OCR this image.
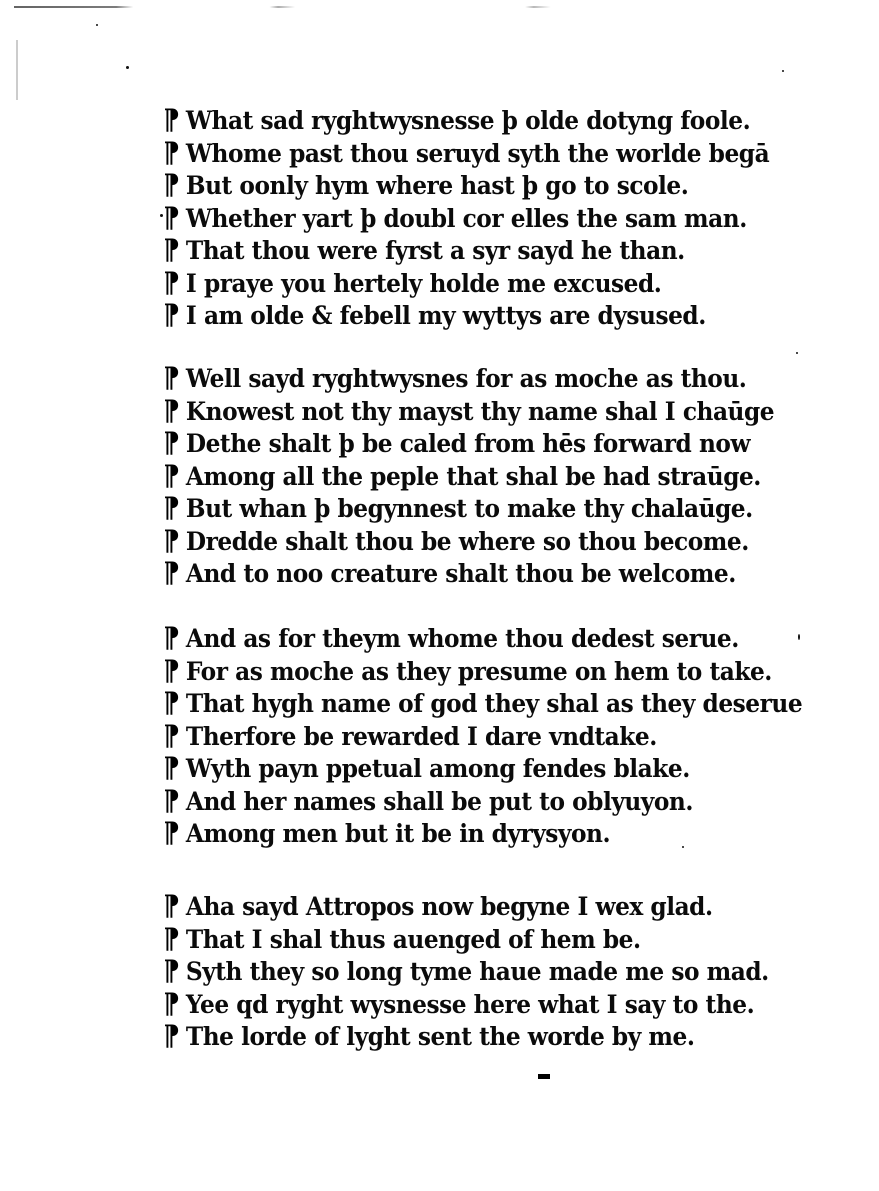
¶ What sad ryghtwysnesse þ olde dotyng foole.
¶ Whome past thou seruyd syth the worlde begā
¶ But oonly hym where hast þ go to scole.
¶ Whether yart þ doubl cor elles the sam man.
¶ That thou were fyrst a syr sayd he than.
¶ I praye you hertely holde me excused.
¶ I am olde & febell my wyttys are dysused.
¶ Well sayd ryghtwysnes for as moche as thou.
¶ Knowest not thy mayst thy name shal I chaūge
¶ Dethe shalt þ be caled from hēs forward now
¶ Among all the peple that shal be had straūge.
¶ But whan þ begynnest to make thy chalaūge.
¶ Dredde shalt thou be where so thou become.
¶ And to noo creature shalt thou be welcome.
¶ And as for theym whome thou dedest serue.
¶ For as moche as they presume on hem to take.
¶ That hygh name of god they shal as they deserue
¶ Therfore be rewarded I dare vndtake.
¶ Wyth payn ppetual among fendes blake.
¶ And her names shall be put to oblyuyon.
¶ Among men but it be in dyrysyon.
¶ Aha sayd Attropos now begyne I wex glad.
¶ That I shal thus auenged of hem be.
¶ Syth they so long tyme haue made me so mad.
¶ Yee qd ryght wysnesse here what I say to the.
¶ The lorde of lyght sent the worde by me.
